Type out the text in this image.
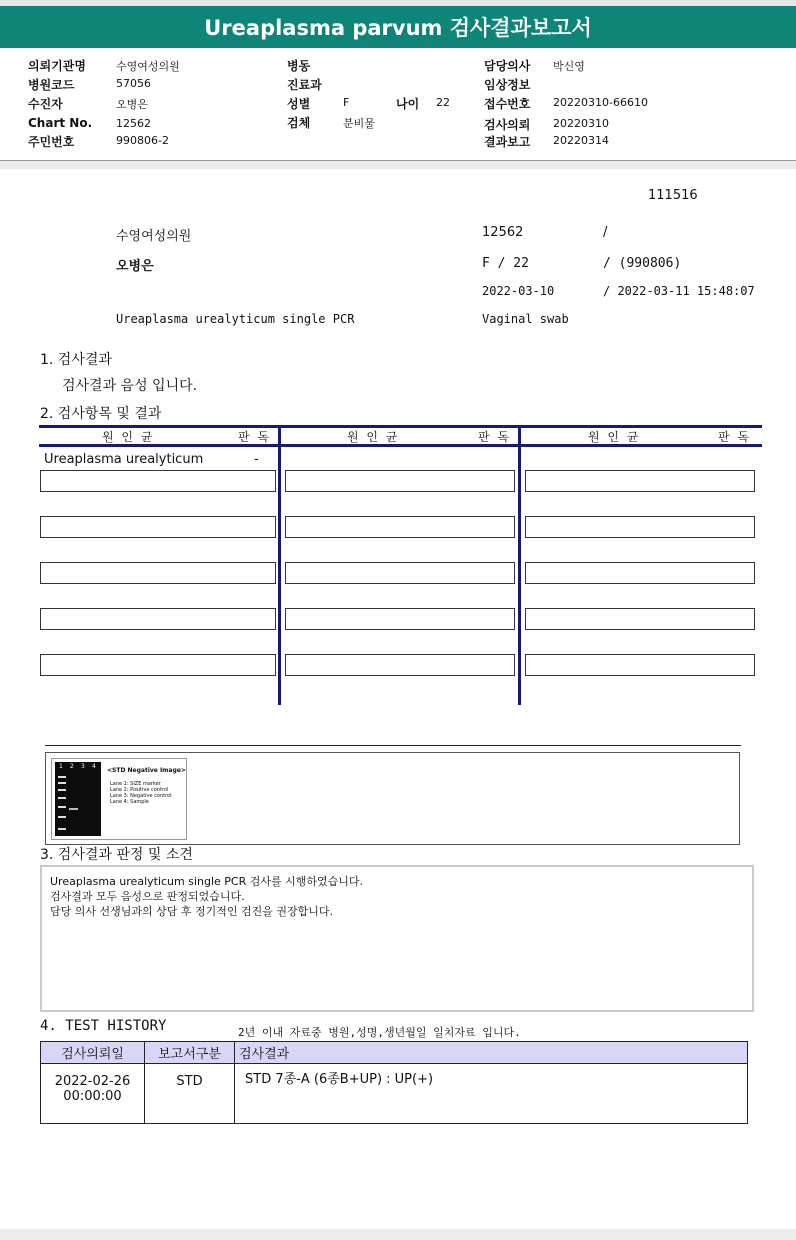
Ureaplasma parvum 검사결과보고서
의뢰기관명	수영여성의원
병원코드	57056
수진자	오병은
Chart No. 12562
주민번호	990806-2
병동
진료과
성별	F	나이 22
검체	분비물
담당의사 박신영
임상정보
접수번호 20220310-66610
검사의뢰 20220310
결과보고 20220314
111516
수영여성의원	12562	/
오병은	F / 22	/ (990806)
2022-03-10	/ 2022-03-11 15:48:07
Ureaplasma urealyticum single PCR	Vaginal swab
1. 검사결과
검사결과 음성 입니다.
2. 검사항목 및 결과
원 인 균	판 독	원 인 균	판 독	원 인 균	판 독
Ureaplasma urealyticum	-
1 2 3 4
<STD Negative Image>
Lane 1: SIZE marker
Lane 2: Positive control
Lane 3: Negative control
Lane 4: Sample
3. 검사결과 판정 및 소견
Ureaplasma urealyticum single PCR 검사를 시행하였습니다.
검사결과 모두 음성으로 판정되었습니다.
담당 의사 선생님과의 상담 후 정기적인 검진을 권장합니다.
4. TEST HISTORY	2년 이내 자료중 병원,성명,생년월일 일치자료 입니다.
검사의뢰일	보고서구분	검사결과

2022-02-26
00:00:00	STD	STD 7종-A (6종B+UP) : UP(+)
